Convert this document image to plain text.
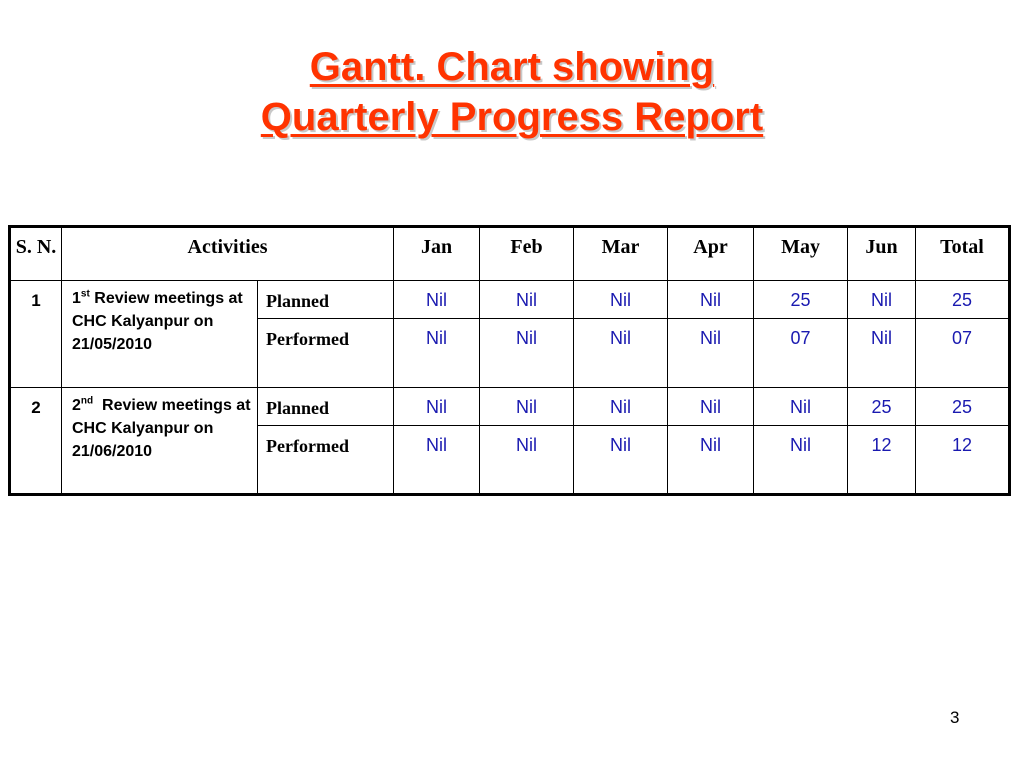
Gantt. Chart showing
Quarterly Progress Report
S. N.	Activities		Jan	Feb	Mar	Apr	May	Jun	Total
1	1st Review meetings at CHC Kalyanpur on 21/05/2010	Planned	Nil	Nil	Nil	Nil	25	Nil	25
		Performed	Nil	Nil	Nil	Nil	07	Nil	07
2	2nd  Review meetings at CHC Kalyanpur on 21/06/2010	Planned	Nil	Nil	Nil	Nil	Nil	25	25
		Performed	Nil	Nil	Nil	Nil	Nil	12	12
3
